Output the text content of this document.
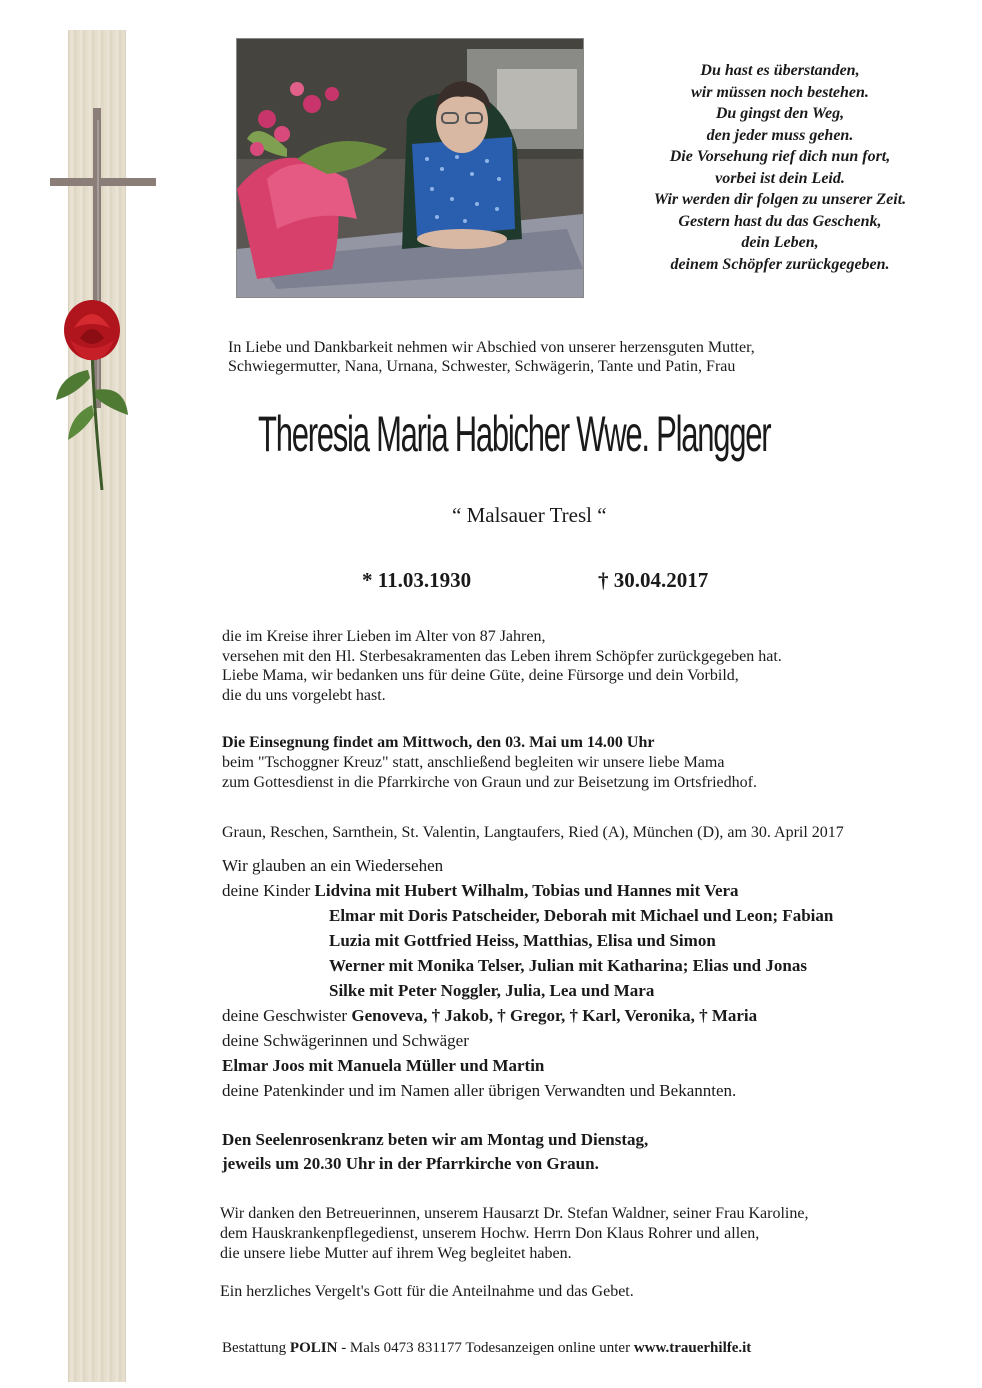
Du hast es überstanden,
wir müssen noch bestehen.
Du gingst den Weg,
den jeder muss gehen.
Die Vorsehung rief dich nun fort,
vorbei ist dein Leid.
Wir werden dir folgen zu unserer Zeit.
Gestern hast du das Geschenk,
dein Leben,
deinem Schöpfer zurückgegeben.
In Liebe und Dankbarkeit nehmen wir Abschied von unserer herzensguten Mutter,
Schwiegermutter, Nana, Urnana, Schwester, Schwägerin, Tante und Patin, Frau
Theresia Maria Habicher Wwe. Plangger
“ Malsauer Tresl “
* 11.03.1930	† 30.04.2017
die im Kreise ihrer Lieben im Alter von 87 Jahren,
versehen mit den Hl. Sterbesakramenten das Leben ihrem Schöpfer zurückgegeben hat.
Liebe Mama, wir bedanken uns für deine Güte, deine Fürsorge und dein Vorbild,
die du uns vorgelebt hast.
Die Einsegnung findet am Mittwoch, den 03. Mai um 14.00 Uhr
beim "Tschoggner Kreuz" statt, anschließend begleiten wir unsere liebe Mama
zum Gottesdienst in die Pfarrkirche von Graun und zur Beisetzung im Ortsfriedhof.
Graun, Reschen, Sarnthein, St. Valentin, Langtaufers, Ried (A), München (D), am 30. April 2017
Wir glauben an ein Wiedersehen
deine Kinder Lidvina mit Hubert Wilhalm, Tobias und Hannes mit Vera
Elmar mit Doris Patscheider, Deborah mit Michael und Leon; Fabian
Luzia mit Gottfried Heiss, Matthias, Elisa und Simon
Werner mit Monika Telser, Julian mit Katharina; Elias und Jonas
Silke mit Peter Noggler, Julia, Lea und Mara
deine Geschwister Genoveva, † Jakob, † Gregor, † Karl, Veronika, † Maria
deine Schwägerinnen und Schwäger
Elmar Joos mit Manuela Müller und Martin
deine Patenkinder und im Namen aller übrigen Verwandten und Bekannten.
Den Seelenrosenkranz beten wir am Montag und Dienstag,
jeweils um 20.30 Uhr in der Pfarrkirche von Graun.
Wir danken den Betreuerinnen, unserem Hausarzt Dr. Stefan Waldner, seiner Frau Karoline,
dem Hauskrankenpflegedienst, unserem Hochw. Herrn Don Klaus Rohrer und allen,
die unsere liebe Mutter auf ihrem Weg begleitet haben.
Ein herzliches Vergelt's Gott für die Anteilnahme und das Gebet.
Bestattung POLIN - Mals 0473 831177 Todesanzeigen online unter www.trauerhilfe.it
